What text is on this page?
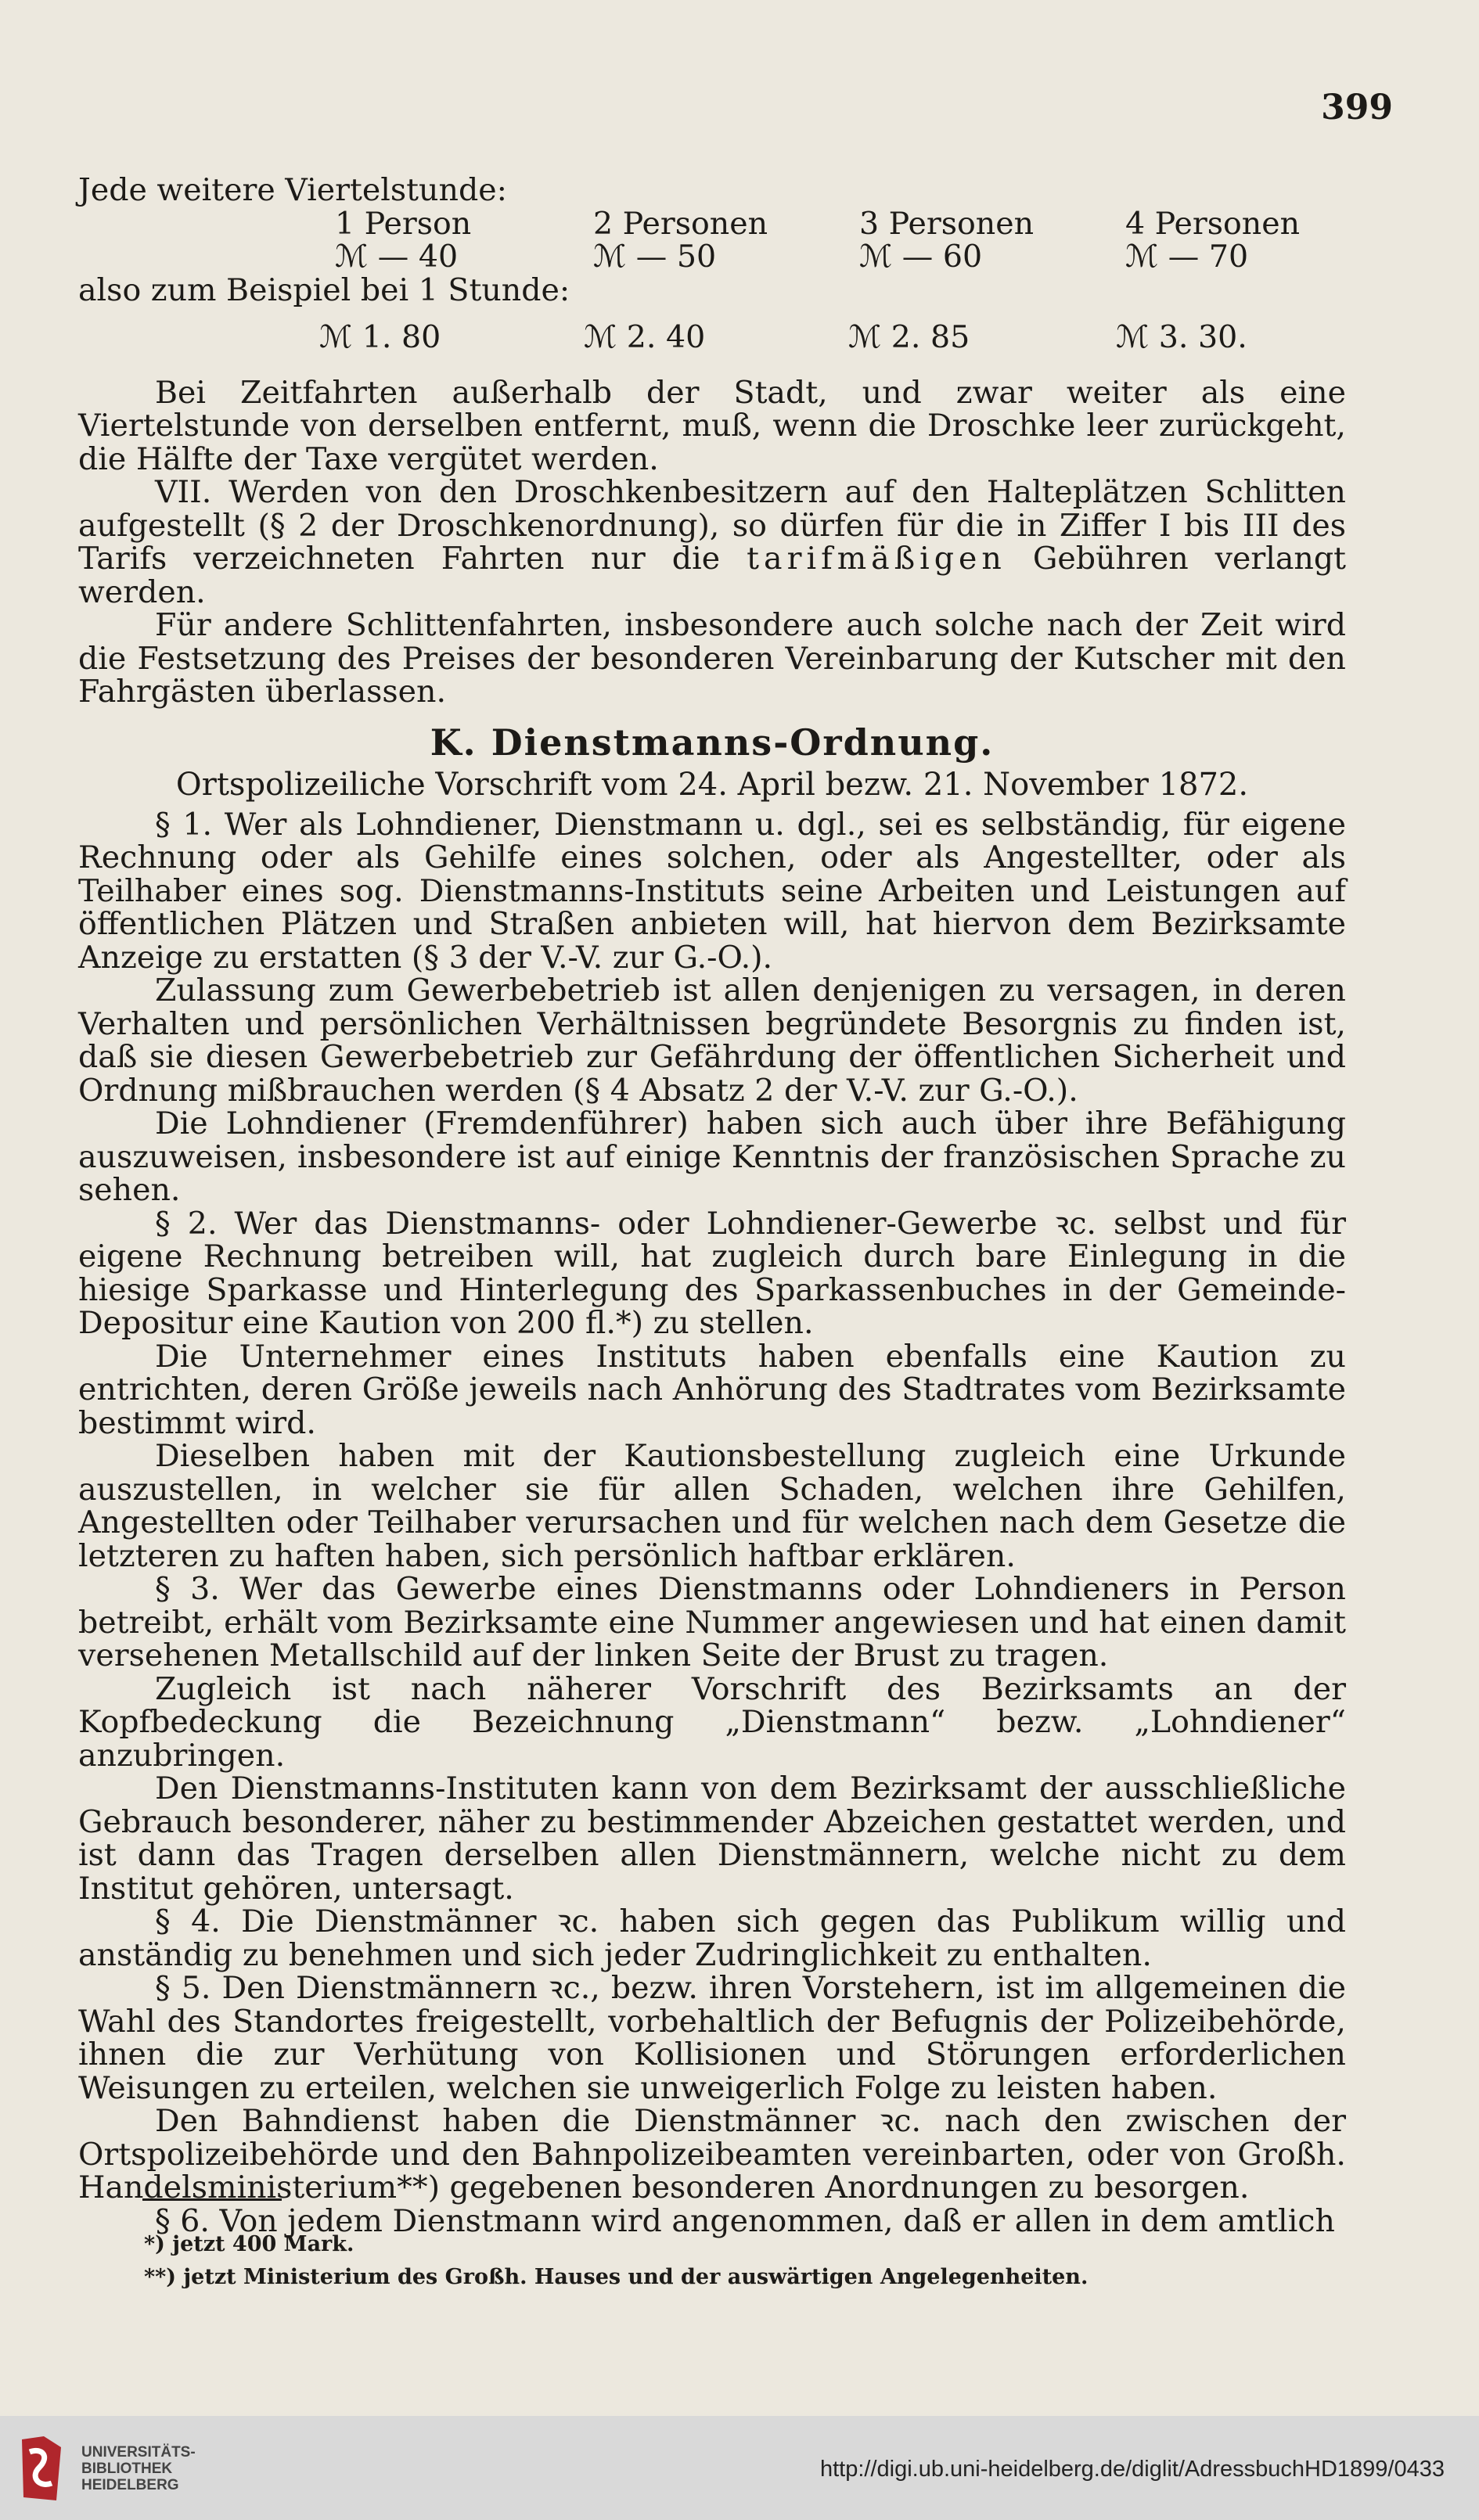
399

Jede weitere Viertelstunde:

1 Person	2 Personen	3 Personen	4 Personen
ℳ — 40	ℳ — 50	ℳ — 60	ℳ — 70

also zum Beispiel bei 1 Stunde:

ℳ 1. 80	ℳ 2. 40	ℳ 2. 85	ℳ 3. 30.

Bei Zeitfahrten außerhalb der Stadt, und zwar weiter als eine Viertelstunde von derselben entfernt, muß, wenn die Droschke leer zurückgeht, die Hälfte der Taxe vergütet werden.

VII. Werden von den Droschkenbesitzern auf den Halteplätzen Schlitten aufgestellt (§ 2 der Droschkenordnung), so dürfen für die in Ziffer I bis III des Tarifs verzeichneten Fahrten nur die tarifmäßigen Gebühren verlangt werden.

Für andere Schlittenfahrten, insbesondere auch solche nach der Zeit wird die Festsetzung des Preises der besonderen Vereinbarung der Kutscher mit den Fahrgästen überlassen.

K. Dienstmanns-Ordnung.
Ortspolizeiliche Vorschrift vom 24. April bezw. 21. November 1872.

§ 1. Wer als Lohndiener, Dienstmann u. dgl., sei es selbständig, für eigene Rechnung oder als Gehilfe eines solchen, oder als Angestellter, oder als Teilhaber eines sog. Dienstmanns-Instituts seine Arbeiten und Leistungen auf öffentlichen Plätzen und Straßen anbieten will, hat hiervon dem Bezirksamte Anzeige zu erstatten (§ 3 der V.-V. zur G.-O.).

Zulassung zum Gewerbebetrieb ist allen denjenigen zu versagen, in deren Verhalten und persönlichen Verhältnissen begründete Besorgnis zu finden ist, daß sie diesen Gewerbebetrieb zur Gefährdung der öffentlichen Sicherheit und Ordnung mißbrauchen werden (§ 4 Absatz 2 der V.-V. zur G.-O.).

Die Lohndiener (Fremdenführer) haben sich auch über ihre Befähigung auszuweisen, insbesondere ist auf einige Kenntnis der französischen Sprache zu sehen.

§ 2. Wer das Dienstmanns- oder Lohndiener-Gewerbe ꝛc. selbst und für eigene Rechnung betreiben will, hat zugleich durch bare Einlegung in die hiesige Sparkasse und Hinterlegung des Sparkassenbuches in der Gemeinde-Depositur eine Kaution von 200 fl.*) zu stellen.

Die Unternehmer eines Instituts haben ebenfalls eine Kaution zu entrichten, deren Größe jeweils nach Anhörung des Stadtrates vom Bezirksamte bestimmt wird.

Dieselben haben mit der Kautionsbestellung zugleich eine Urkunde auszustellen, in welcher sie für allen Schaden, welchen ihre Gehilfen, Angestellten oder Teilhaber verursachen und für welchen nach dem Gesetze die letzteren zu haften haben, sich persönlich haftbar erklären.

§ 3. Wer das Gewerbe eines Dienstmanns oder Lohndieners in Person betreibt, erhält vom Bezirksamte eine Nummer angewiesen und hat einen damit versehenen Metallschild auf der linken Seite der Brust zu tragen.

Zugleich ist nach näherer Vorschrift des Bezirksamts an der Kopfbedeckung die Bezeichnung „Dienstmann“ bezw. „Lohndiener“ anzubringen.

Den Dienstmanns-Instituten kann von dem Bezirksamt der ausschließliche Gebrauch besonderer, näher zu bestimmender Abzeichen gestattet werden, und ist dann das Tragen derselben allen Dienstmännern, welche nicht zu dem Institut gehören, untersagt.

§ 4. Die Dienstmänner ꝛc. haben sich gegen das Publikum willig und anständig zu benehmen und sich jeder Zudringlichkeit zu enthalten.

§ 5. Den Dienstmännern ꝛc., bezw. ihren Vorstehern, ist im allgemeinen die Wahl des Standortes freigestellt, vorbehaltlich der Befugnis der Polizeibehörde, ihnen die zur Verhütung von Kollisionen und Störungen erforderlichen Weisungen zu erteilen, welchen sie unweigerlich Folge zu leisten haben.

Den Bahndienst haben die Dienstmänner ꝛc. nach den zwischen der Ortspolizeibehörde und den Bahnpolizeibeamten vereinbarten, oder von Großh. Handelsministerium**) gegebenen besonderen Anordnungen zu besorgen.

§ 6. Von jedem Dienstmann wird angenommen, daß er allen in dem amtlich

*) jetzt 400 Mark.

**) jetzt Ministerium des Großh. Hauses und der auswärtigen Angelegenheiten.

UNIVERSITÄTS-
BIBLIOTHEK
HEIDELBERG
http://digi.ub.uni-heidelberg.de/diglit/AdressbuchHD1899/0433
